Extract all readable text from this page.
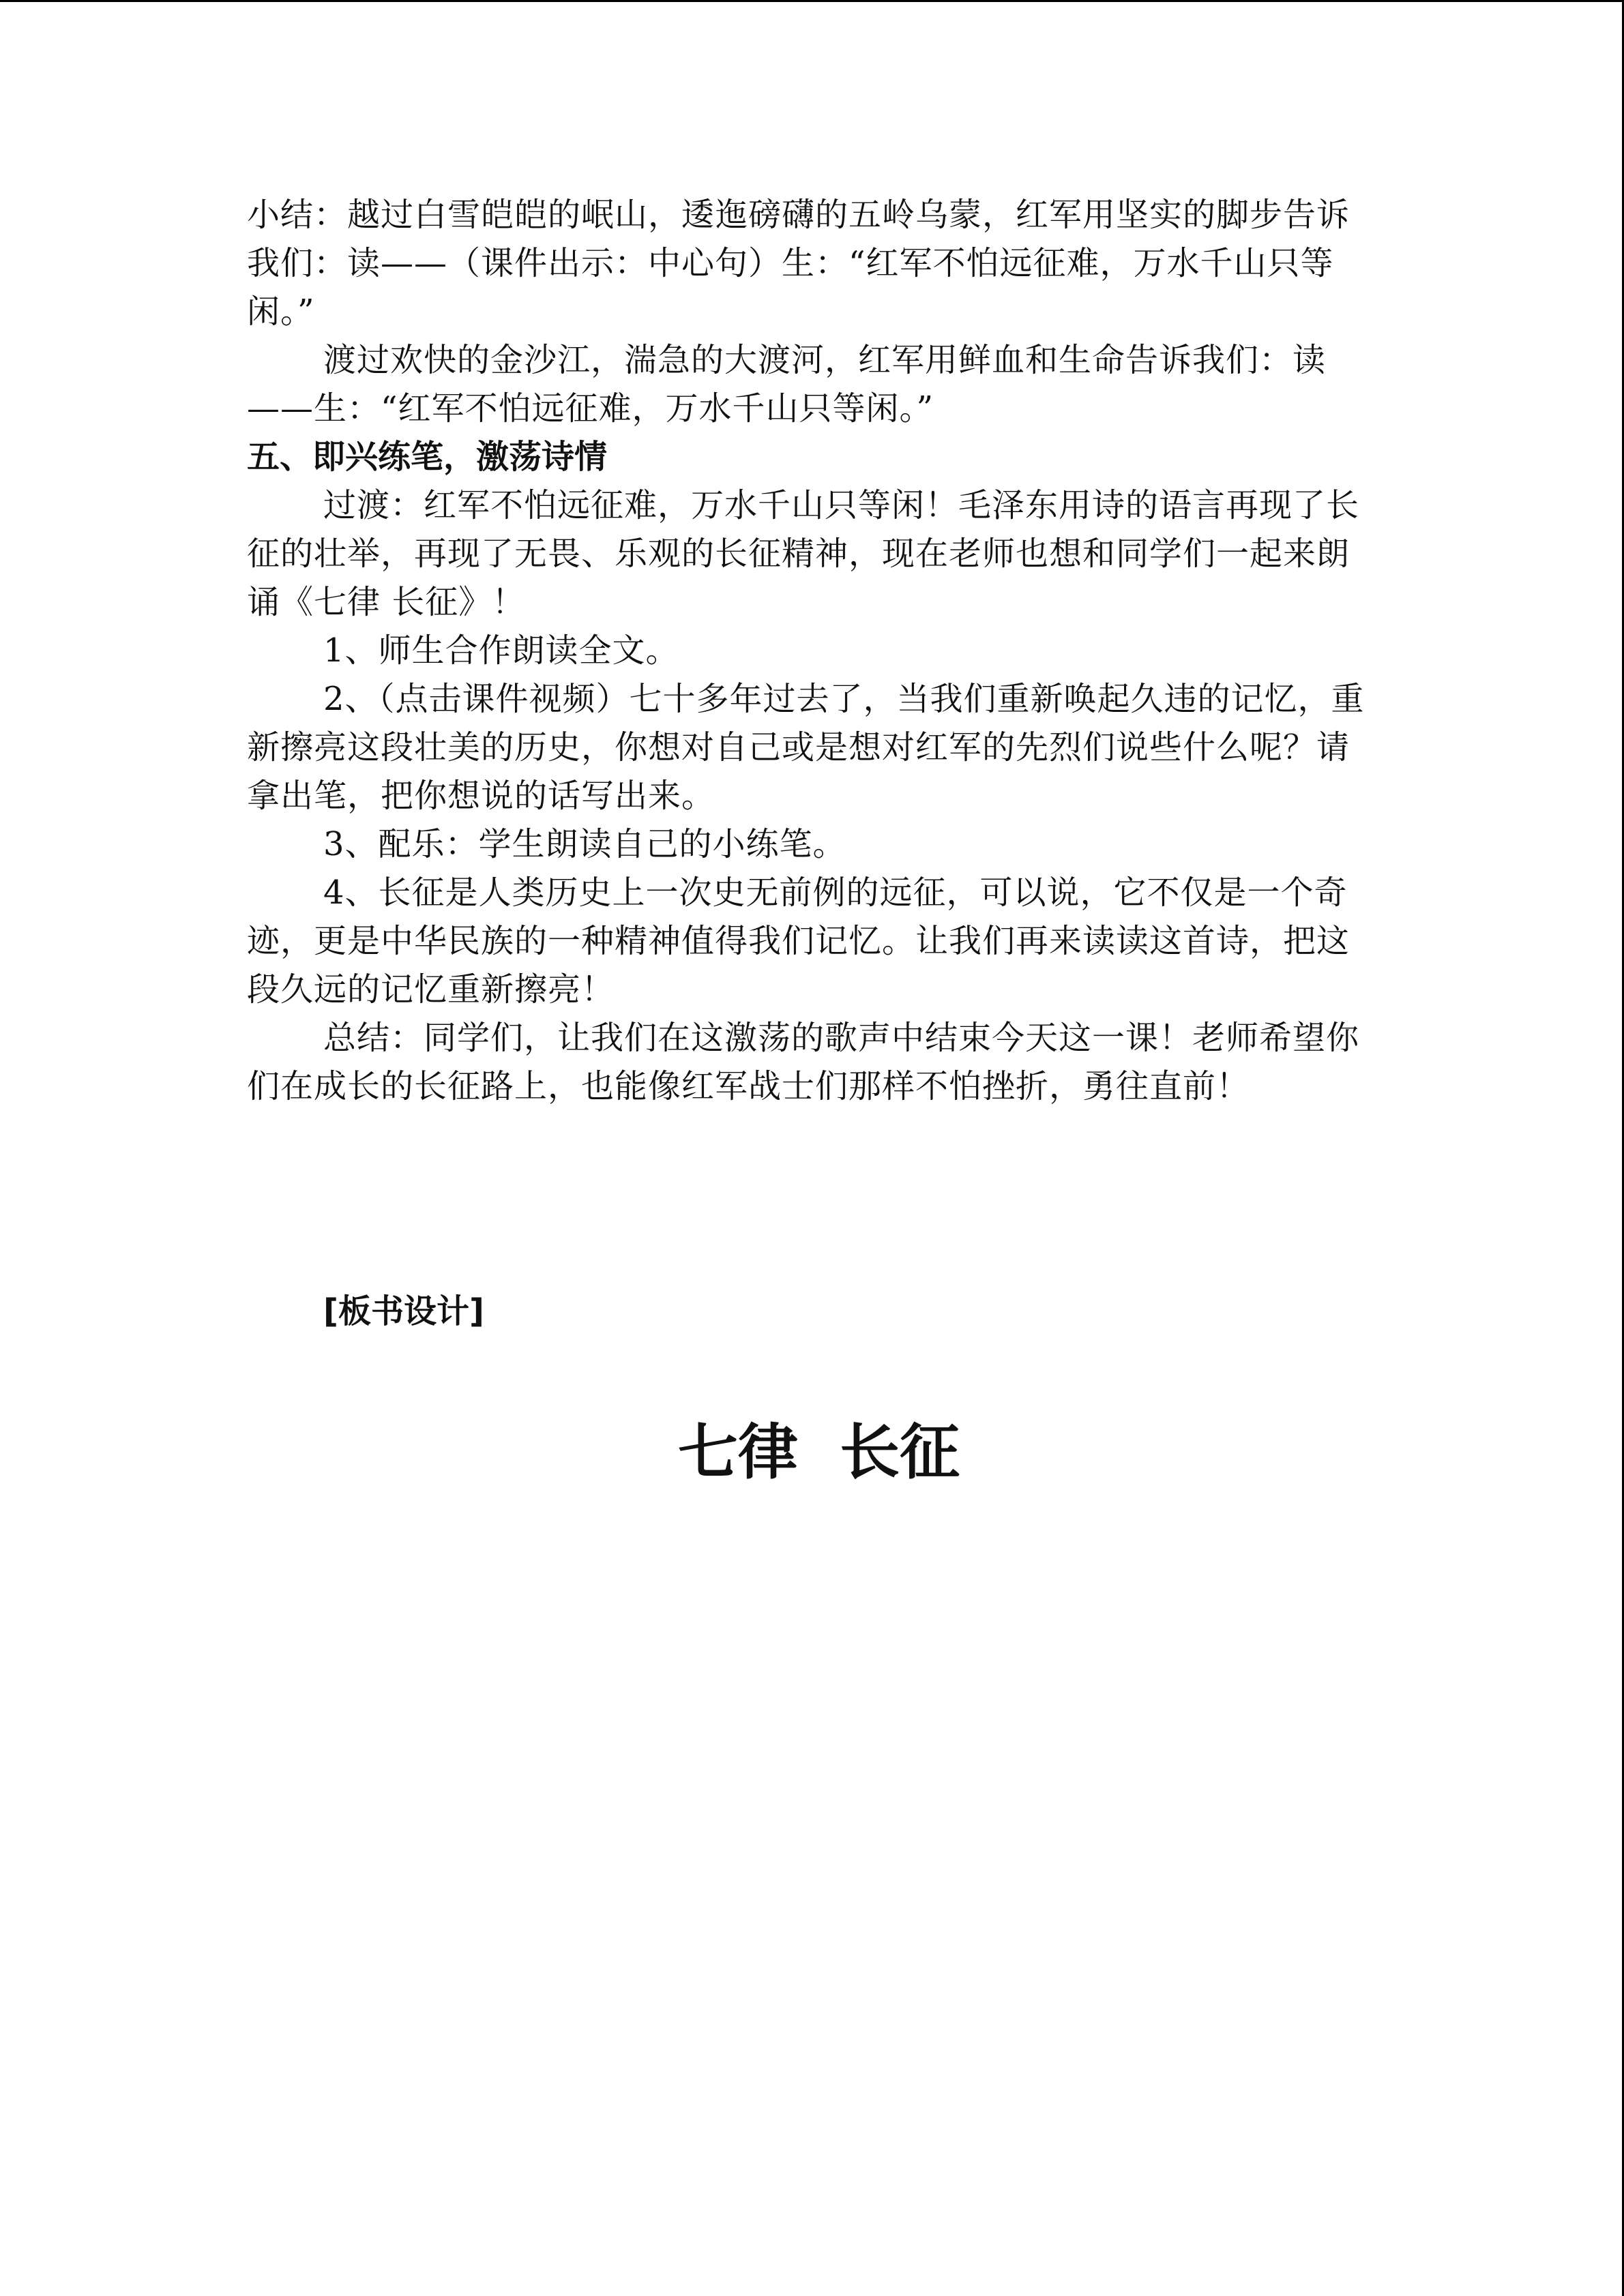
小结：越过白雪皑皑的岷山，逶迤磅礴的五岭乌蒙，红军用坚实的脚步告诉我们：读——（课件出示：中心句）生：“红军不怕远征难，万水千山只等闲。”

渡过欢快的金沙江，湍急的大渡河，红军用鲜血和生命告诉我们：读——生：“红军不怕远征难，万水千山只等闲。”

五、即兴练笔，激荡诗情

过渡：红军不怕远征难，万水千山只等闲！毛泽东用诗的语言再现了长征的壮举，再现了无畏、乐观的长征精神，现在老师也想和同学们一起来朗诵《七律 长征》！

1、师生合作朗读全文。

2、（点击课件视频）七十多年过去了，当我们重新唤起久违的记忆，重新擦亮这段壮美的历史，你想对自己或是想对红军的先烈们说些什么呢？请拿出笔，把你想说的话写出来。

3、配乐：学生朗读自己的小练笔。

4、长征是人类历史上一次史无前例的远征，可以说，它不仅是一个奇迹，更是中华民族的一种精神值得我们记忆。让我们再来读读这首诗，把这段久远的记忆重新擦亮！

总结：同学们，让我们在这激荡的歌声中结束今天这一课！老师希望你们在成长的长征路上，也能像红军战士们那样不怕挫折，勇往直前！

[板书设计]
七律  长征
